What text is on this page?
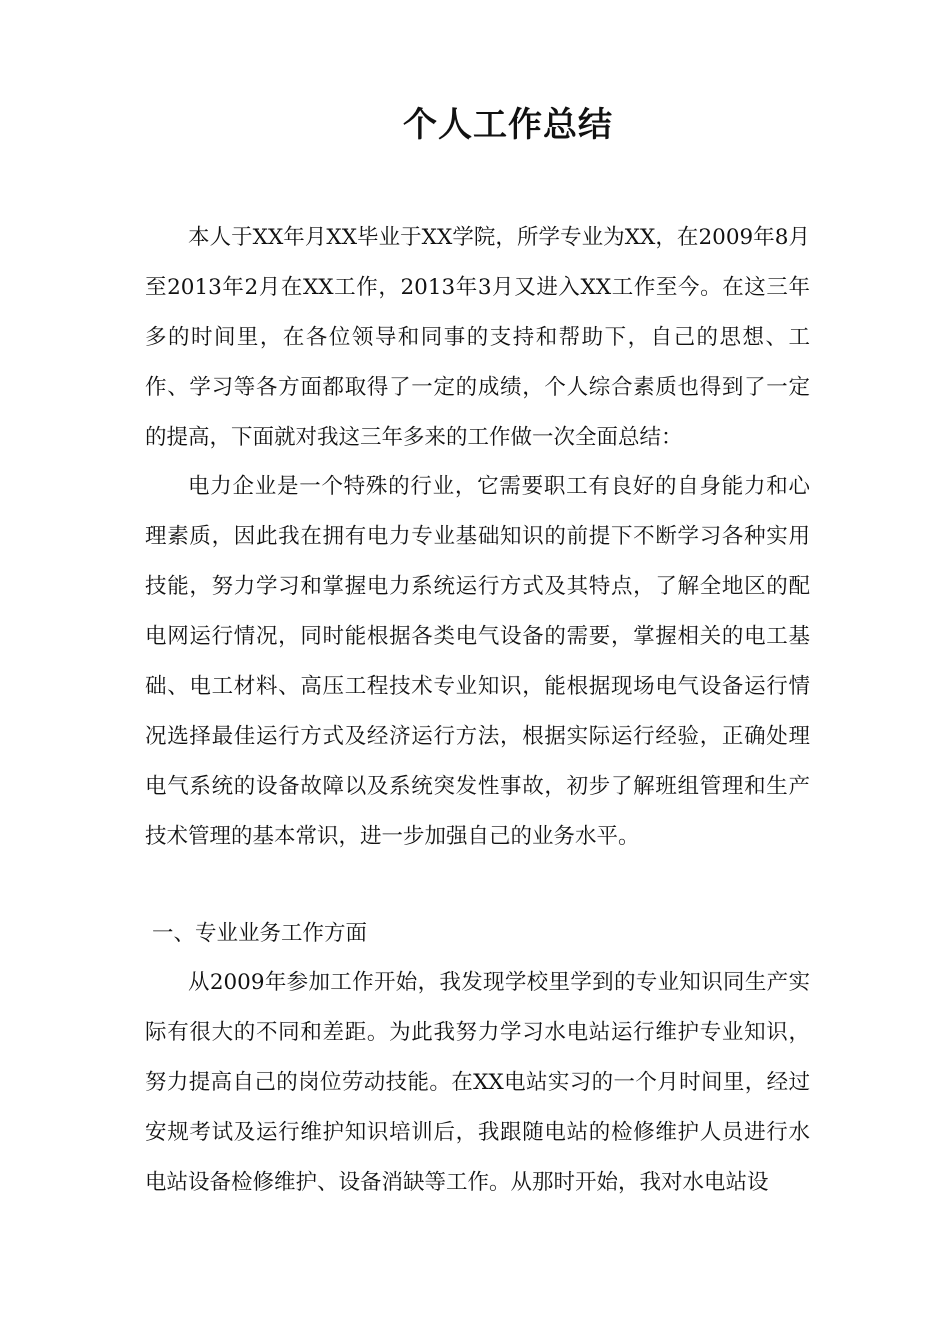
个人工作总结

本人于XX年月XX毕业于XX学院，所学专业为XX，在2009年8月至2013年2月在XX工作，2013年3月又进入XX工作至今。在这三年多的时间里，在各位领导和同事的支持和帮助下，自己的思想、工作、学习等各方面都取得了一定的成绩，个人综合素质也得到了一定的提高，下面就对我这三年多来的工作做一次全面总结：

电力企业是一个特殊的行业，它需要职工有良好的自身能力和心理素质，因此我在拥有电力专业基础知识的前提下不断学习各种实用技能，努力学习和掌握电力系统运行方式及其特点，了解全地区的配电网运行情况，同时能根据各类电气设备的需要，掌握相关的电工基础、电工材料、高压工程技术专业知识，能根据现场电气设备运行情况选择最佳运行方式及经济运行方法，根据实际运行经验，正确处理电气系统的设备故障以及系统突发性事故，初步了解班组管理和生产技术管理的基本常识，进一步加强自己的业务水平。

一、专业业务工作方面

从2009年参加工作开始，我发现学校里学到的专业知识同生产实际有很大的不同和差距。为此我努力学习水电站运行维护专业知识，努力提高自己的岗位劳动技能。在XX电站实习的一个月时间里，经过安规考试及运行维护知识培训后，我跟随电站的检修维护人员进行水电站设备检修维护、设备消缺等工作。从那时开始，我对水电站设
